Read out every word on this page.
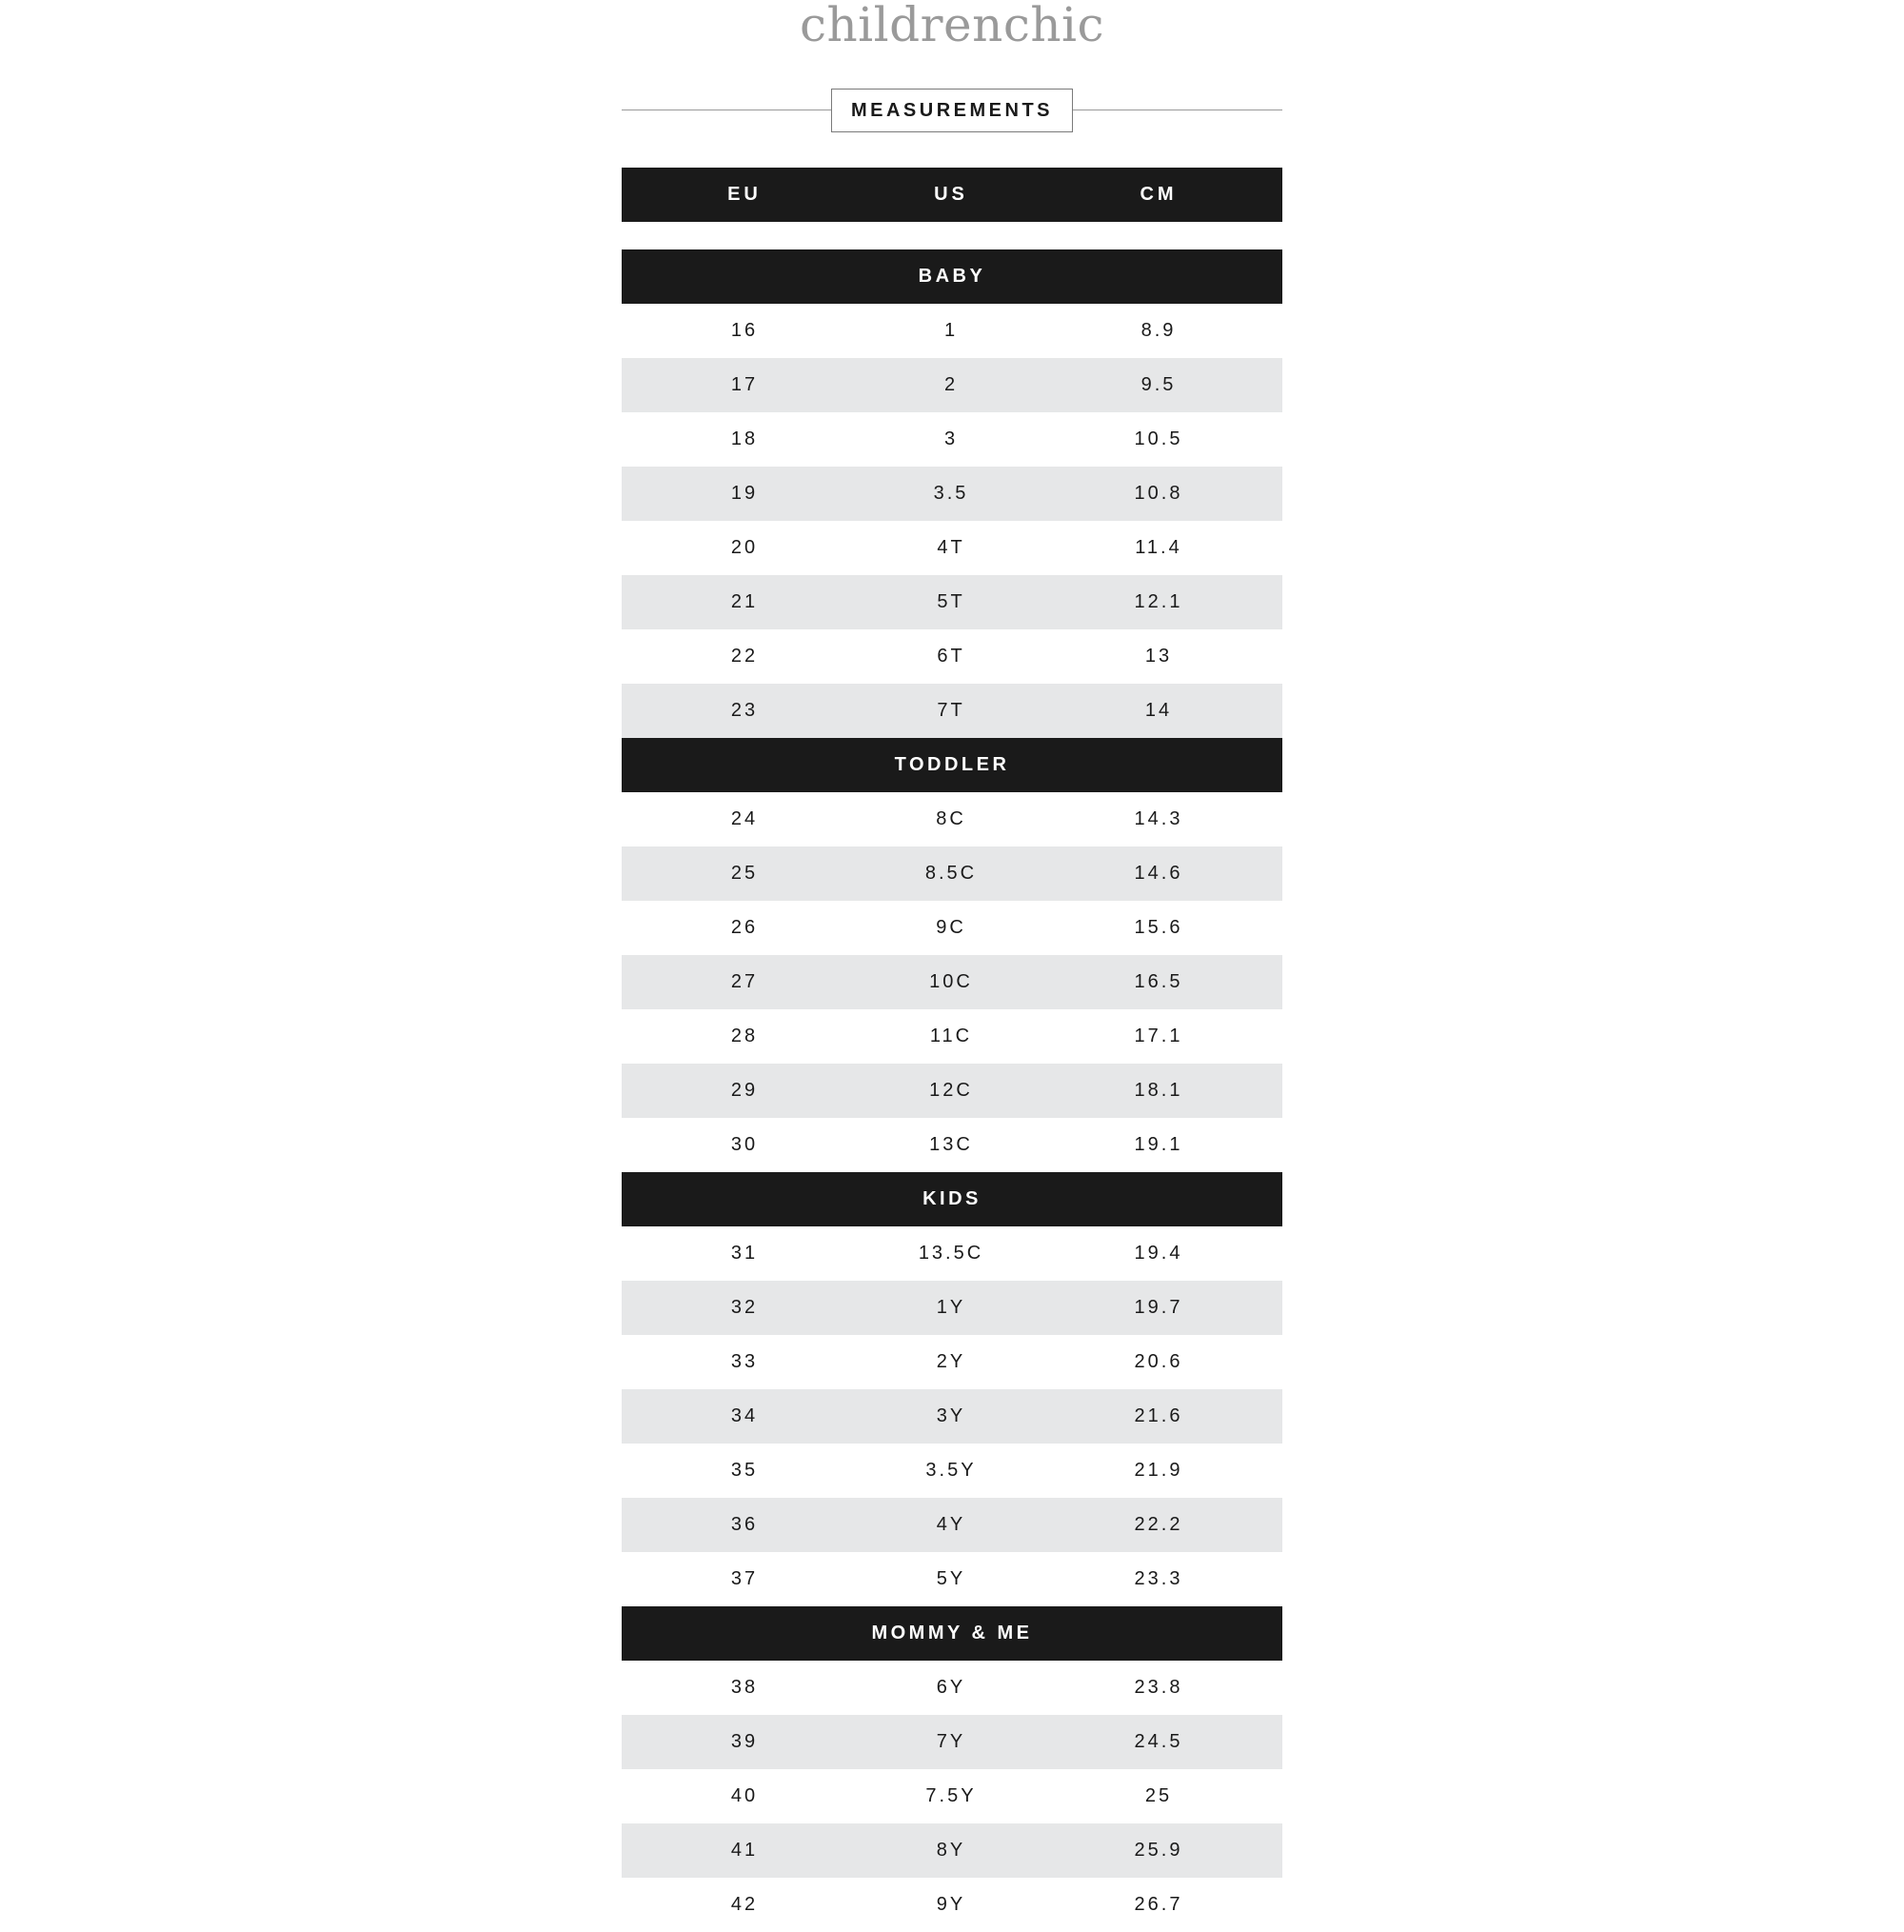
childrenchic
MEASUREMENTS
EU	US	CM
BABY
16	1	8.9
17	2	9.5
18	3	10.5
19	3.5	10.8
20	4T	11.4
21	5T	12.1
22	6T	13
23	7T	14
TODDLER
24	8C	14.3
25	8.5C	14.6
26	9C	15.6
27	10C	16.5
28	11C	17.1
29	12C	18.1
30	13C	19.1
KIDS
31	13.5C	19.4
32	1Y	19.7
33	2Y	20.6
34	3Y	21.6
35	3.5Y	21.9
36	4Y	22.2
37	5Y	23.3
MOMMY & ME
38	6Y	23.8
39	7Y	24.5
40	7.5Y	25
41	8Y	25.9
42	9Y	26.7
